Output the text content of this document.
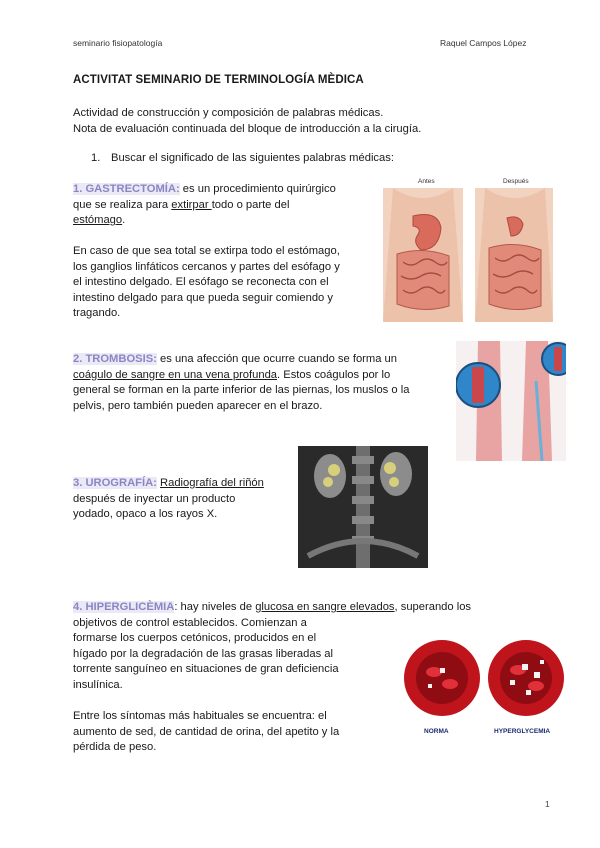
seminario fisiopatología	Raquel Campos López
ACTIVITAT SEMINARIO DE TERMINOLOGÍA MÈDICA
Actividad de construcción y composición de palabras médicas.
Nota de evaluación continuada del bloque de introducción a la cirugía.
1. Buscar el significado de las siguientes palabras médicas:
1. GASTRECTOMÍA: es un procedimiento quirúrgico
que se realiza para extirpar todo o parte del
estómago.
En caso de que sea total se extirpa todo el estómago,
los ganglios linfáticos cercanos y partes del esófago y
el intestino delgado. El esófago se reconecta con el
intestino delgado para que pueda seguir comiendo y
tragando.
Antes	Después
2. TROMBOSIS: es una afección que ocurre cuando se forma un
coágulo de sangre en una vena profunda. Estos coágulos por lo
general se forman en la parte inferior de las piernas, los muslos o la
pelvis, pero también pueden aparecer en el brazo.
3. UROGRAFÍA: Radiografía del riñón
después de inyectar un producto
yodado, opaco a los rayos X.
4. HIPERGLICÈMIA: hay niveles de glucosa en sangre elevados, superando los
objetivos de control establecidos. Comienzan a
formarse los cuerpos cetónicos, producidos en el
hígado por la degradación de las grasas liberadas al
torrente sanguíneo en situaciones de gran deficiencia
insulínica.
Entre los síntomas más habituales se encuentra: el
aumento de sed, de cantidad de orina, del apetito y la
pérdida de peso.
NORMA	HYPERGLYCEMIA
1
